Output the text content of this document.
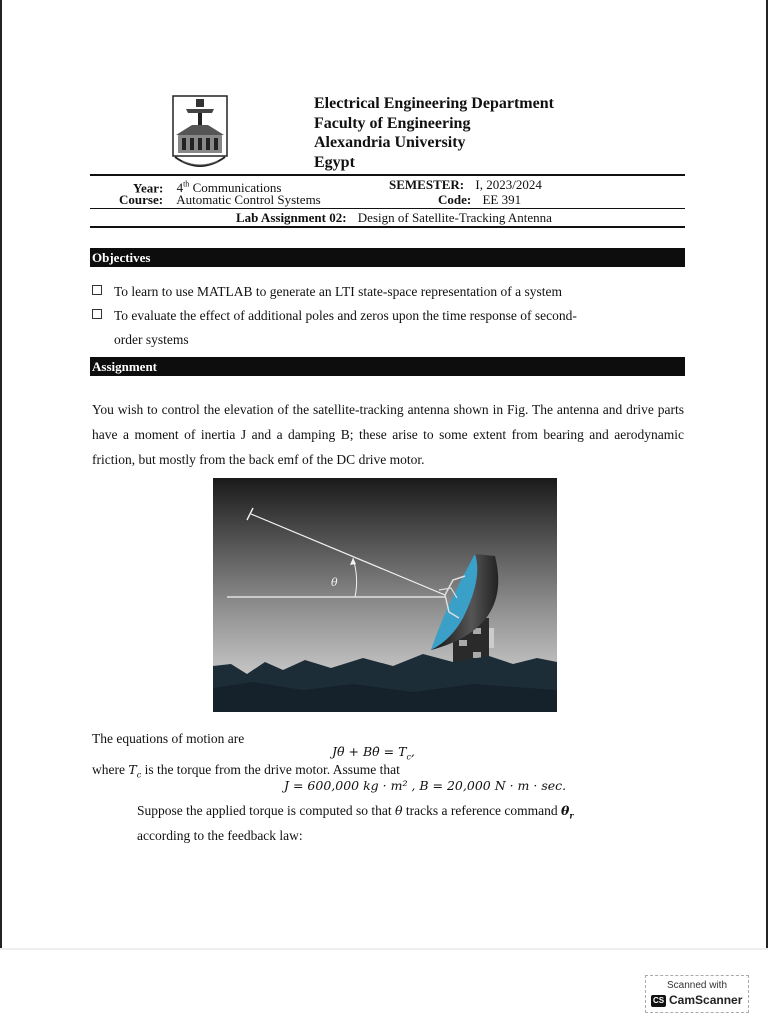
Electrical Engineering Department
Faculty of Engineering
Alexandria University
Egypt
Year: 4th Communications	SEMESTER: I, 2023/2024
Course: Automatic Control Systems	Code: EE 391
Lab Assignment 02: Design of Satellite-Tracking Antenna
Objectives
To learn to use MATLAB to generate an LTI state-space representation of a system
To evaluate the effect of additional poles and zeros upon the time response of second-
order systems
Assignment
You wish to control the elevation of the satellite-tracking antenna shown in Fig. The antenna and drive parts have a moment of inertia J and a damping B; these arise to some extent from bearing and aerodynamic friction, but mostly from the back emf of the DC drive motor.
θ
The equations of motion are
Jθ̈ + Bθ̇ = $T_c$,
where $T_c$ is the torque from the drive motor. Assume that
J = 600,000 kg · m² , B = 20,000 N · m · sec.
Suppose the applied torque is computed so that θ tracks a reference command $\theta_r$
according to the feedback law:
Scanned with
CS CamScanner
